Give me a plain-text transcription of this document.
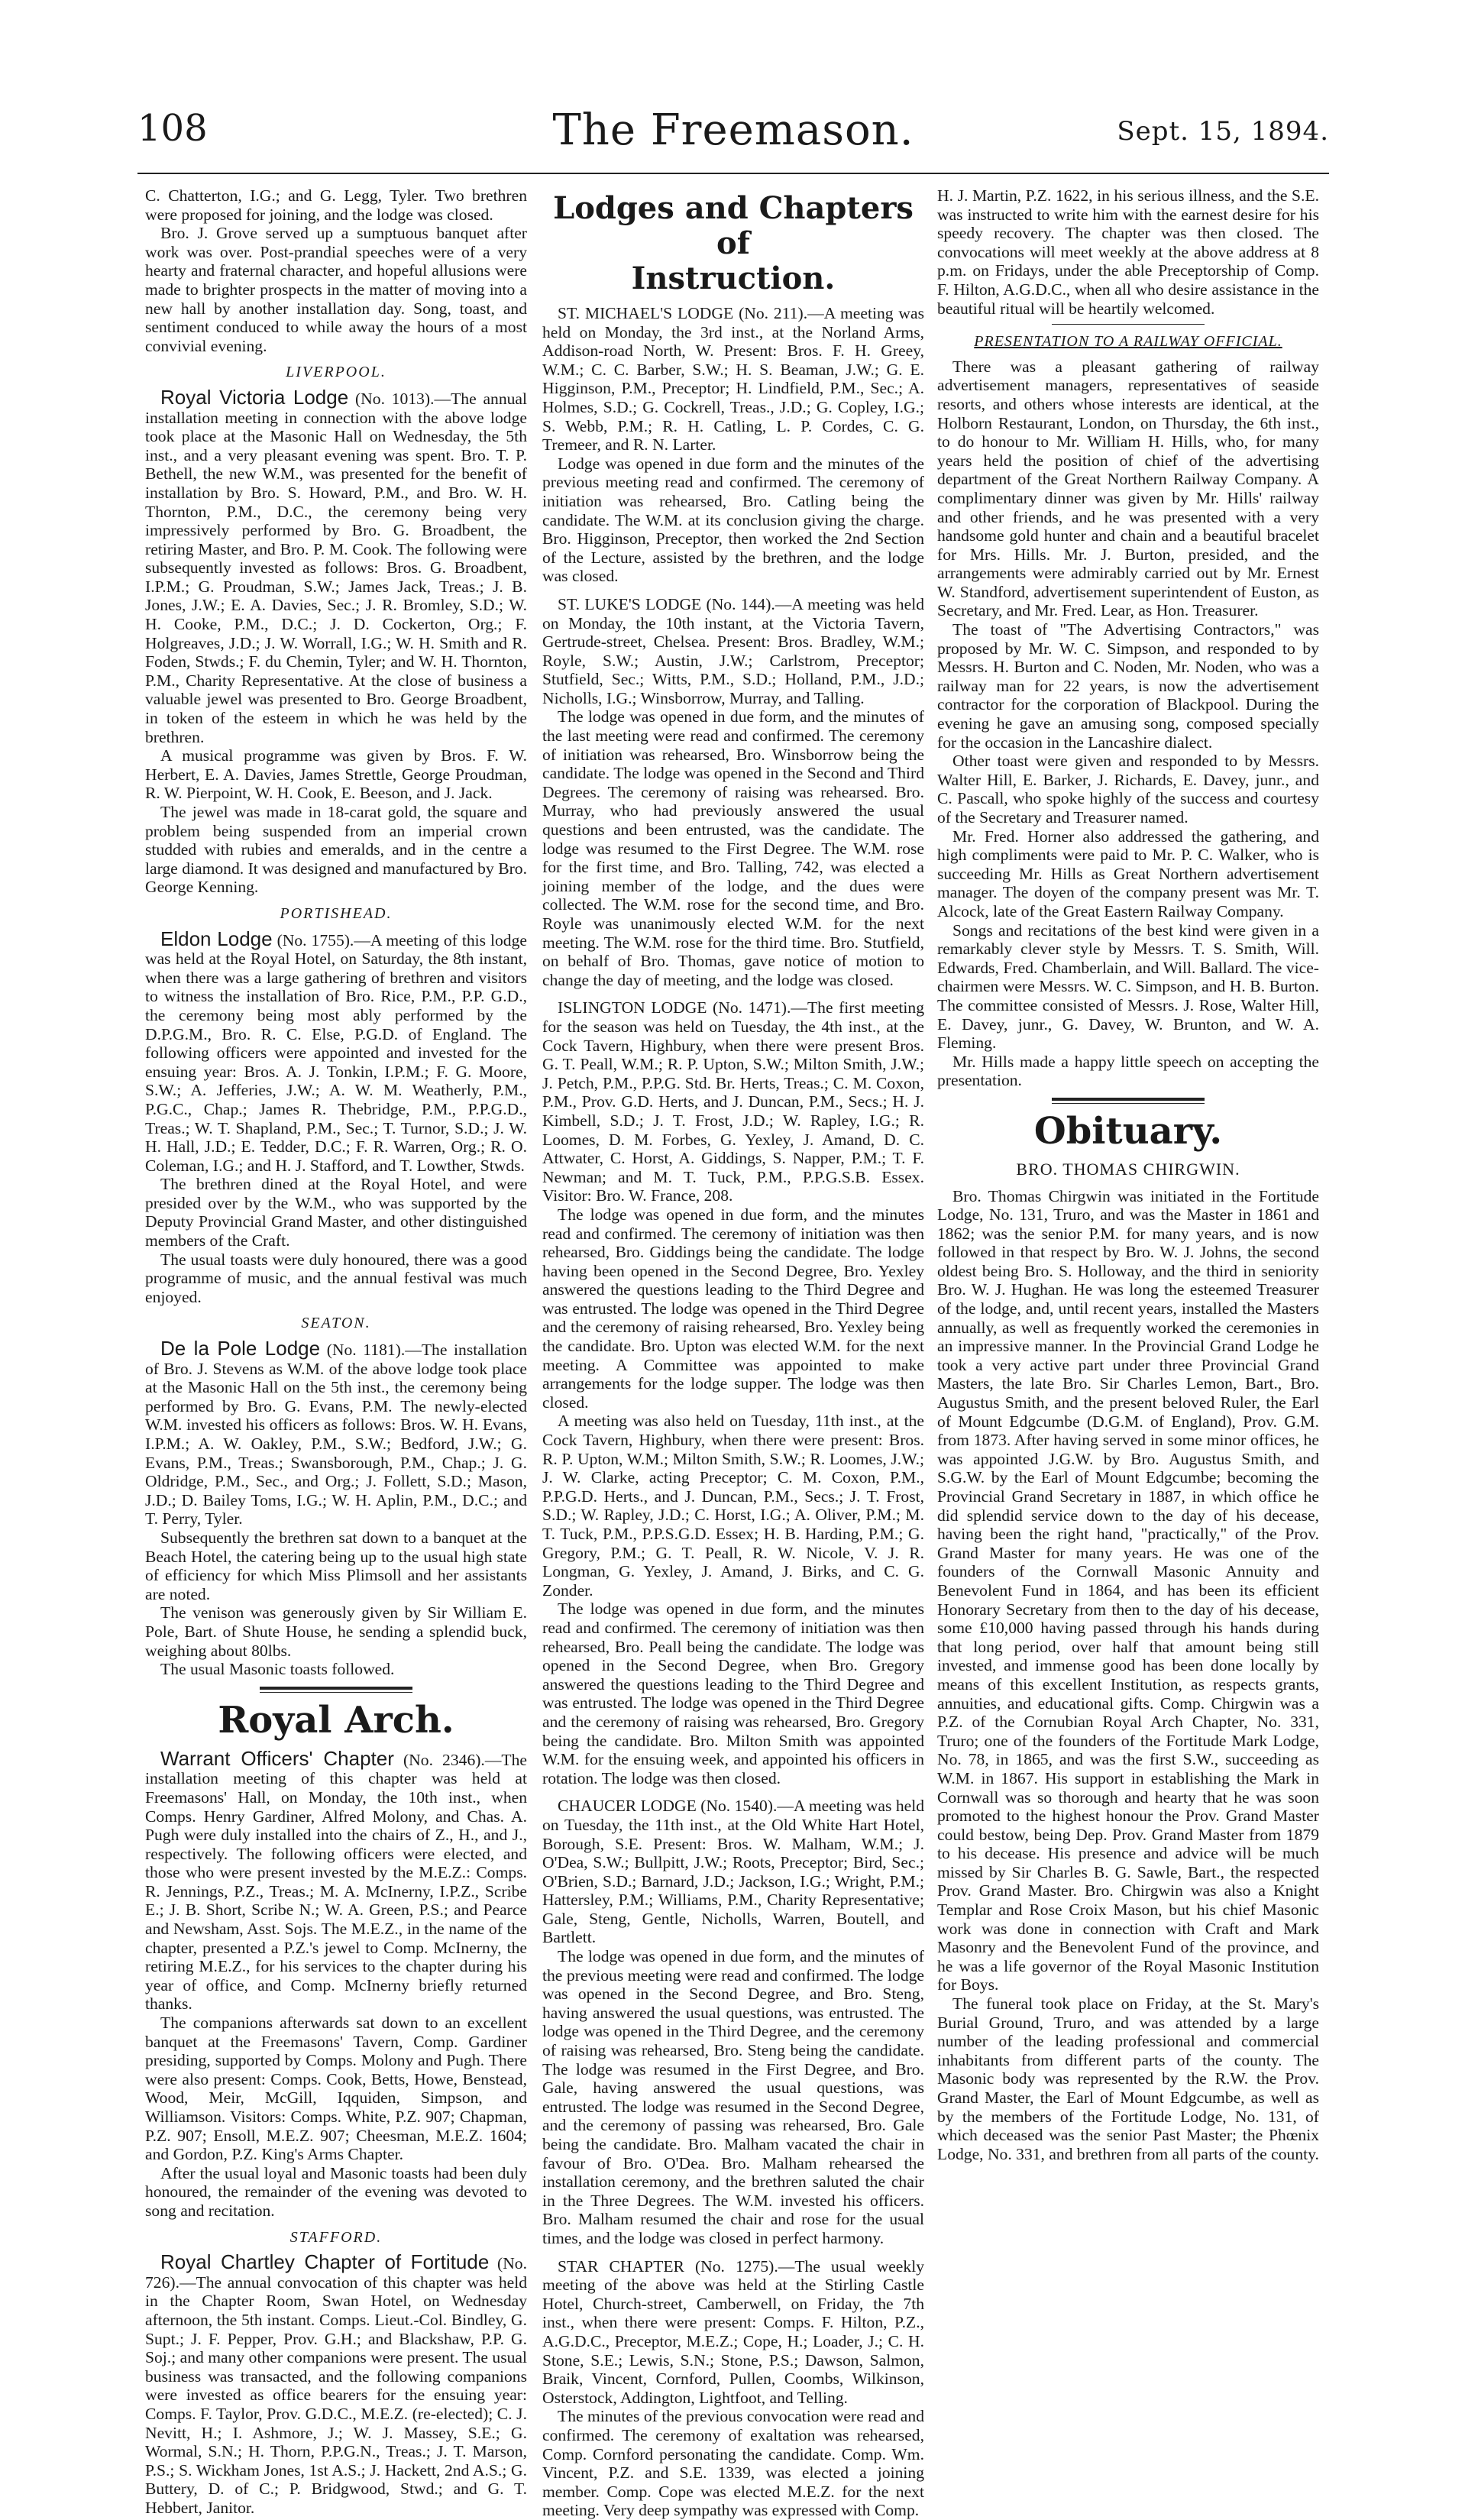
108	The Freemason.	Sept. 15, 1894.

C. Chatterton, I.G.; and G. Legg, Tyler. Two brethren were proposed for joining, and the lodge was closed.

Bro. J. Grove served up a sumptuous banquet after work was over. Post-prandial speeches were of a very hearty and fraternal character, and hopeful allusions were made to brighter prospects in the matter of moving into a new hall by another installation day. Song, toast, and sentiment conduced to while away the hours of a most convivial evening.

LIVERPOOL.

Royal Victoria Lodge (No. 1013).—The annual installation meeting in connection with the above lodge took place at the Masonic Hall on Wednesday, the 5th inst., and a very pleasant evening was spent. Bro. T. P. Bethell, the new W.M., was presented for the benefit of installation by Bro. S. Howard, P.M., and Bro. W. H. Thornton, P.M., D.C., the ceremony being very impressively performed by Bro. G. Broadbent, the retiring Master, and Bro. P. M. Cook. The following were subsequently invested as follows: Bros. G. Broadbent, I.P.M.; G. Proudman, S.W.; James Jack, Treas.; J. B. Jones, J.W.; E. A. Davies, Sec.; J. R. Bromley, S.D.; W. H. Cooke, P.M., D.C.; J. D. Cockerton, Org.; F. Holgreaves, J.D.; J. W. Worrall, I.G.; W. H. Smith and R. Foden, Stwds.; F. du Chemin, Tyler; and W. H. Thornton, P.M., Charity Representative. At the close of business a valuable jewel was presented to Bro. George Broadbent, in token of the esteem in which he was held by the brethren.

A musical programme was given by Bros. F. W. Herbert, E. A. Davies, James Strettle, George Proudman, R. W. Pierpoint, W. H. Cook, E. Beeson, and J. Jack.

The jewel was made in 18-carat gold, the square and problem being suspended from an imperial crown studded with rubies and emeralds, and in the centre a large diamond. It was designed and manufactured by Bro. George Kenning.

PORTISHEAD.

Eldon Lodge (No. 1755).—A meeting of this lodge was held at the Royal Hotel, on Saturday, the 8th instant, when there was a large gathering of brethren and visitors to witness the installation of Bro. Rice, P.M., P.P. G.D., the ceremony being most ably performed by the D.P.G.M., Bro. R. C. Else, P.G.D. of England. The following officers were appointed and invested for the ensuing year: Bros. A. J. Tonkin, I.P.M.; F. G. Moore, S.W.; A. Jefferies, J.W.; A. W. M. Weatherly, P.M., P.G.C., Chap.; James R. Thebridge, P.M., P.P.G.D., Treas.; W. T. Shapland, P.M., Sec.; T. Turnor, S.D.; J. W. H. Hall, J.D.; E. Tedder, D.C.; F. R. Warren, Org.; R. O. Coleman, I.G.; and H. J. Stafford, and T. Lowther, Stwds.

The brethren dined at the Royal Hotel, and were presided over by the W.M., who was supported by the Deputy Provincial Grand Master, and other distinguished members of the Craft.

The usual toasts were duly honoured, there was a good programme of music, and the annual festival was much enjoyed.

SEATON.

De la Pole Lodge (No. 1181).—The installation of Bro. J. Stevens as W.M. of the above lodge took place at the Masonic Hall on the 5th inst., the ceremony being performed by Bro. G. Evans, P.M. The newly-elected W.M. invested his officers as follows: Bros. W. H. Evans, I.P.M.; A. W. Oakley, P.M., S.W.; Bedford, J.W.; G. Evans, P.M., Treas.; Swansborough, P.M., Chap.; J. G. Oldridge, P.M., Sec., and Org.; J. Follett, S.D.; Mason, J.D.; D. Bailey Toms, I.G.; W. H. Aplin, P.M., D.C.; and T. Perry, Tyler.

Subsequently the brethren sat down to a banquet at the Beach Hotel, the catering being up to the usual high state of efficiency for which Miss Plimsoll and her assistants are noted.

The venison was generously given by Sir William E. Pole, Bart. of Shute House, he sending a splendid buck, weighing about 80lbs.

The usual Masonic toasts followed.

Royal Arch.

Warrant Officers' Chapter (No. 2346).—The installation meeting of this chapter was held at Freemasons' Hall, on Monday, the 10th inst., when Comps. Henry Gardiner, Alfred Molony, and Chas. A. Pugh were duly installed into the chairs of Z., H., and J., respectively. The following officers were elected, and those who were present invested by the M.E.Z.: Comps. R. Jennings, P.Z., Treas.; M. A. McInerny, I.P.Z., Scribe E.; J. B. Short, Scribe N.; W. A. Green, P.S.; and Pearce and Newsham, Asst. Sojs. The M.E.Z., in the name of the chapter, presented a P.Z.'s jewel to Comp. McInerny, the retiring M.E.Z., for his services to the chapter during his year of office, and Comp. McInerny briefly returned thanks.

The companions afterwards sat down to an excellent banquet at the Freemasons' Tavern, Comp. Gardiner presiding, supported by Comps. Molony and Pugh. There were also present: Comps. Cook, Betts, Howe, Benstead, Wood, Meir, McGill, Iqquiden, Simpson, and Williamson. Visitors: Comps. White, P.Z. 907; Chapman, P.Z. 907; Ensoll, M.E.Z. 907; Cheesman, M.E.Z. 1604; and Gordon, P.Z. King's Arms Chapter.

After the usual loyal and Masonic toasts had been duly honoured, the remainder of the evening was devoted to song and recitation.

STAFFORD.

Royal Chartley Chapter of Fortitude (No. 726).—The annual convocation of this chapter was held in the Chapter Room, Swan Hotel, on Wednesday afternoon, the 5th instant. Comps. Lieut.-Col. Bindley, G. Supt.; J. F. Pepper, Prov. G.H.; and Blackshaw, P.P. G. Soj.; and many other companions were present. The usual business was transacted, and the following companions were invested as office bearers for the ensuing year: Comps. F. Taylor, Prov. G.D.C., M.E.Z. (re-elected); C. J. Nevitt, H.; I. Ashmore, J.; W. J. Massey, S.E.; G. Wormal, S.N.; H. Thorn, P.P.G.N., Treas.; J. T. Marson, P.S.; S. Wickham Jones, 1st A.S.; J. Hackett, 2nd A.S.; G. Buttery, D. of C.; P. Bridgwood, Stwd.; and G. T. Hebbert, Janitor.

Lodges and Chapters of
Instruction.

ST. MICHAEL'S LODGE (No. 211).—A meeting was held on Monday, the 3rd inst., at the Norland Arms, Addison-road North, W. Present: Bros. F. H. Greey, W.M.; C. C. Barber, S.W.; H. S. Beaman, J.W.; G. E. Higginson, P.M., Preceptor; H. Lindfield, P.M., Sec.; A. Holmes, S.D.; G. Cockrell, Treas., J.D.; G. Copley, I.G.; S. Webb, P.M.; R. H. Catling, L. P. Cordes, C. G. Tremeer, and R. N. Larter.

Lodge was opened in due form and the minutes of the previous meeting read and confirmed. The ceremony of initiation was rehearsed, Bro. Catling being the candidate. The W.M. at its conclusion giving the charge. Bro. Higginson, Preceptor, then worked the 2nd Section of the Lecture, assisted by the brethren, and the lodge was closed.

ST. LUKE'S LODGE (No. 144).—A meeting was held on Monday, the 10th instant, at the Victoria Tavern, Gertrude-street, Chelsea. Present: Bros. Bradley, W.M.; Royle, S.W.; Austin, J.W.; Carlstrom, Preceptor; Stutfield, Sec.; Witts, P.M., S.D.; Holland, P.M., J.D.; Nicholls, I.G.; Winsborrow, Murray, and Talling.

The lodge was opened in due form, and the minutes of the last meeting were read and confirmed. The ceremony of initiation was rehearsed, Bro. Winsborrow being the candidate. The lodge was opened in the Second and Third Degrees. The ceremony of raising was rehearsed. Bro. Murray, who had previously answered the usual questions and been entrusted, was the candidate. The lodge was resumed to the First Degree. The W.M. rose for the first time, and Bro. Talling, 742, was elected a joining member of the lodge, and the dues were collected. The W.M. rose for the second time, and Bro. Royle was unanimously elected W.M. for the next meeting. The W.M. rose for the third time. Bro. Stutfield, on behalf of Bro. Thomas, gave notice of motion to change the day of meeting, and the lodge was closed.

ISLINGTON LODGE (No. 1471).—The first meeting for the season was held on Tuesday, the 4th inst., at the Cock Tavern, Highbury, when there were present Bros. G. T. Peall, W.M.; R. P. Upton, S.W.; Milton Smith, J.W.; J. Petch, P.M., P.P.G. Std. Br. Herts, Treas.; C. M. Coxon, P.M., Prov. G.D. Herts, and J. Duncan, P.M., Secs.; H. J. Kimbell, S.D.; J. T. Frost, J.D.; W. Rapley, I.G.; R. Loomes, D. M. Forbes, G. Yexley, J. Amand, D. C. Attwater, C. Horst, A. Giddings, S. Napper, P.M.; T. F. Newman; and M. T. Tuck, P.M., P.P.G.S.B. Essex. Visitor: Bro. W. France, 208.

The lodge was opened in due form, and the minutes read and confirmed. The ceremony of initiation was then rehearsed, Bro. Giddings being the candidate. The lodge having been opened in the Second Degree, Bro. Yexley answered the questions leading to the Third Degree and was entrusted. The lodge was opened in the Third Degree and the ceremony of raising rehearsed, Bro. Yexley being the candidate. Bro. Upton was elected W.M. for the next meeting. A Committee was appointed to make arrangements for the lodge supper. The lodge was then closed.

A meeting was also held on Tuesday, 11th inst., at the Cock Tavern, Highbury, when there were present: Bros. R. P. Upton, W.M.; Milton Smith, S.W.; R. Loomes, J.W.; J. W. Clarke, acting Preceptor; C. M. Coxon, P.M., P.P.G.D. Herts., and J. Duncan, P.M., Secs.; J. T. Frost, S.D.; W. Rapley, J.D.; C. Horst, I.G.; A. Oliver, P.M.; M. T. Tuck, P.M., P.P.S.G.D. Essex; H. B. Harding, P.M.; G. Gregory, P.M.; G. T. Peall, R. W. Nicole, V. J. R. Longman, G. Yexley, J. Amand, J. Birks, and C. G. Zonder.

The lodge was opened in due form, and the minutes read and confirmed. The ceremony of initiation was then rehearsed, Bro. Peall being the candidate. The lodge was opened in the Second Degree, when Bro. Gregory answered the questions leading to the Third Degree and was entrusted. The lodge was opened in the Third Degree and the ceremony of raising was rehearsed, Bro. Gregory being the candidate. Bro. Milton Smith was appointed W.M. for the ensuing week, and appointed his officers in rotation. The lodge was then closed.

CHAUCER LODGE (No. 1540).—A meeting was held on Tuesday, the 11th inst., at the Old White Hart Hotel, Borough, S.E. Present: Bros. W. Malham, W.M.; J. O'Dea, S.W.; Bullpitt, J.W.; Roots, Preceptor; Bird, Sec.; O'Brien, S.D.; Barnard, J.D.; Jackson, I.G.; Wright, P.M.; Hattersley, P.M.; Williams, P.M., Charity Representative; Gale, Steng, Gentle, Nicholls, Warren, Boutell, and Bartlett.

The lodge was opened in due form, and the minutes of the previous meeting were read and confirmed. The lodge was opened in the Second Degree, and Bro. Steng, having answered the usual questions, was entrusted. The lodge was opened in the Third Degree, and the ceremony of raising was rehearsed, Bro. Steng being the candidate. The lodge was resumed in the First Degree, and Bro. Gale, having answered the usual questions, was entrusted. The lodge was resumed in the Second Degree, and the ceremony of passing was rehearsed, Bro. Gale being the candidate. Bro. Malham vacated the chair in favour of Bro. O'Dea. Bro. Malham rehearsed the installation ceremony, and the brethren saluted the chair in the Three Degrees. The W.M. invested his officers. Bro. Malham resumed the chair and rose for the usual times, and the lodge was closed in perfect harmony.

STAR CHAPTER (No. 1275).—The usual weekly meeting of the above was held at the Stirling Castle Hotel, Church-street, Camberwell, on Friday, the 7th inst., when there were present: Comps. F. Hilton, P.Z., A.G.D.C., Preceptor, M.E.Z.; Cope, H.; Loader, J.; C. H. Stone, S.E.; Lewis, S.N.; Stone, P.S.; Dawson, Salmon, Braik, Vincent, Cornford, Pullen, Coombs, Wilkinson, Osterstock, Addington, Lightfoot, and Telling.

The minutes of the previous convocation were read and confirmed. The ceremony of exaltation was rehearsed, Comp. Cornford personating the candidate. Comp. Wm. Vincent, P.Z. and S.E. 1339, was elected a joining member. Comp. Cope was elected M.E.Z. for the next meeting. Very deep sympathy was expressed with Comp.

H. J. Martin, P.Z. 1622, in his serious illness, and the S.E. was instructed to write him with the earnest desire for his speedy recovery. The chapter was then closed. The convocations will meet weekly at the above address at 8 p.m. on Fridays, under the able Preceptorship of Comp. F. Hilton, A.G.D.C., when all who desire assistance in the beautiful ritual will be heartily welcomed.

PRESENTATION TO A RAILWAY OFFICIAL.

There was a pleasant gathering of railway advertisement managers, representatives of seaside resorts, and others whose interests are identical, at the Holborn Restaurant, London, on Thursday, the 6th inst., to do honour to Mr. William H. Hills, who, for many years held the position of chief of the advertising department of the Great Northern Railway Company. A complimentary dinner was given by Mr. Hills' railway and other friends, and he was presented with a very handsome gold hunter and chain and a beautiful bracelet for Mrs. Hills. Mr. J. Burton, presided, and the arrangements were admirably carried out by Mr. Ernest W. Standford, advertisement superintendent of Euston, as Secretary, and Mr. Fred. Lear, as Hon. Treasurer.

The toast of "The Advertising Contractors," was proposed by Mr. W. C. Simpson, and responded to by Messrs. H. Burton and C. Noden, Mr. Noden, who was a railway man for 22 years, is now the advertisement contractor for the corporation of Blackpool. During the evening he gave an amusing song, composed specially for the occasion in the Lancashire dialect.

Other toast were given and responded to by Messrs. Walter Hill, E. Barker, J. Richards, E. Davey, junr., and C. Pascall, who spoke highly of the success and courtesy of the Secretary and Treasurer named.

Mr. Fred. Horner also addressed the gathering, and high compliments were paid to Mr. P. C. Walker, who is succeeding Mr. Hills as Great Northern advertisement manager. The doyen of the company present was Mr. T. Alcock, late of the Great Eastern Railway Company.

Songs and recitations of the best kind were given in a remarkably clever style by Messrs. T. S. Smith, Will. Edwards, Fred. Chamberlain, and Will. Ballard. The vice-chairmen were Messrs. W. C. Simpson, and H. B. Burton. The committee consisted of Messrs. J. Rose, Walter Hill, E. Davey, junr., G. Davey, W. Brunton, and W. A. Fleming.

Mr. Hills made a happy little speech on accepting the presentation.

Obituary.

BRO. THOMAS CHIRGWIN.

Bro. Thomas Chirgwin was initiated in the Fortitude Lodge, No. 131, Truro, and was the Master in 1861 and 1862; was the senior P.M. for many years, and is now followed in that respect by Bro. W. J. Johns, the second oldest being Bro. S. Holloway, and the third in seniority Bro. W. J. Hughan. He was long the esteemed Treasurer of the lodge, and, until recent years, installed the Masters annually, as well as frequently worked the ceremonies in an impressive manner. In the Provincial Grand Lodge he took a very active part under three Provincial Grand Masters, the late Bro. Sir Charles Lemon, Bart., Bro. Augustus Smith, and the present beloved Ruler, the Earl of Mount Edgcumbe (D.G.M. of England), Prov. G.M. from 1873. After having served in some minor offices, he was appointed J.G.W. by Bro. Augustus Smith, and S.G.W. by the Earl of Mount Edgcumbe; becoming the Provincial Grand Secretary in 1887, in which office he did splendid service down to the day of his decease, having been the right hand, "practically," of the Prov. Grand Master for many years. He was one of the founders of the Cornwall Masonic Annuity and Benevolent Fund in 1864, and has been its efficient Honorary Secretary from then to the day of his decease, some £10,000 having passed through his hands during that long period, over half that amount being still invested, and immense good has been done locally by means of this excellent Institution, as respects grants, annuities, and educational gifts. Comp. Chirgwin was a P.Z. of the Cornubian Royal Arch Chapter, No. 331, Truro; one of the founders of the Fortitude Mark Lodge, No. 78, in 1865, and was the first S.W., succeeding as W.M. in 1867. His support in establishing the Mark in Cornwall was so thorough and hearty that he was soon promoted to the highest honour the Prov. Grand Master could bestow, being Dep. Prov. Grand Master from 1879 to his decease. His presence and advice will be much missed by Sir Charles B. G. Sawle, Bart., the respected Prov. Grand Master. Bro. Chirgwin was also a Knight Templar and Rose Croix Mason, but his chief Masonic work was done in connection with Craft and Mark Masonry and the Benevolent Fund of the province, and he was a life governor of the Royal Masonic Institution for Boys.

The funeral took place on Friday, at the St. Mary's Burial Ground, Truro, and was attended by a large number of the leading professional and commercial inhabitants from different parts of the county. The Masonic body was represented by the R.W. the Prov. Grand Master, the Earl of Mount Edgcumbe, as well as by the members of the Fortitude Lodge, No. 131, of which deceased was the senior Past Master; the Phœnix Lodge, No. 331, and brethren from all parts of the county.
